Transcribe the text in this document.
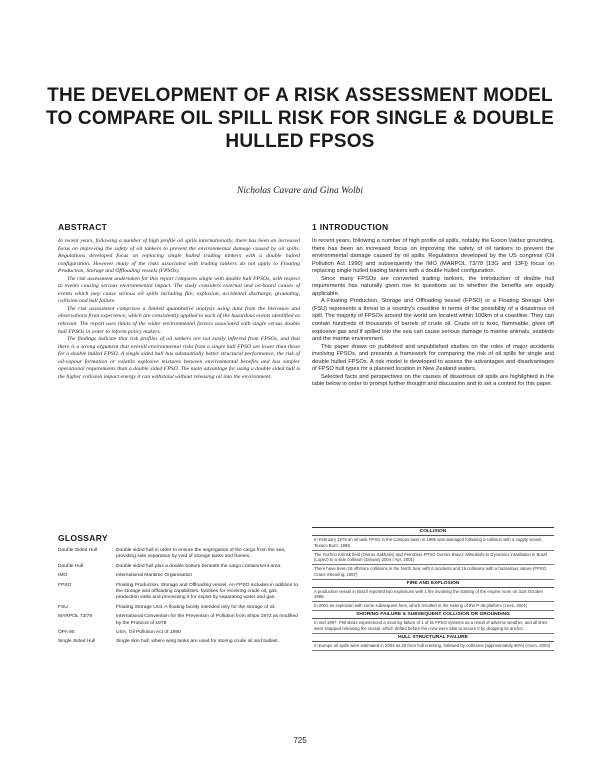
THE DEVELOPMENT OF A RISK ASSESSMENT MODEL
TO COMPARE OIL SPILL RISK FOR SINGLE & DOUBLE
HULLED FPSOS
Nicholas Cavare and Gina Wolbi
ABSTRACT

In recent years, following a number of high profile oil spills internationally, there has been an increased focus on improving the safety of oil tankers to prevent the environmental damage caused by oil spills. Regulations developed focus on replacing single hulled trading tankers with a double hulled configuration. However many of the risks associated with trading tankers do not apply to Floating Production, Storage and Offloading vessels (FPSOs).

The risk assessment undertaken for this report compares single with double hull FPSOs, with respect to events causing serious environmental impact. The study considers external and on-board causes of events which may cause serious oil spills including fire, explosion, accidental discharge, grounding, collision and hull failure.

The risk assessment comprises a limited quantitative analysis using data from the literature and observations from experience, which are consistently applied to each of the hazardous events identified as relevant. The report uses limits of the wider environmental factors associated with single versus double hull FPSOs in order to inform policy makers.

The findings indicate that risk profiles of oil tankers are not easily inferred from FPSOs, and that there is a strong argument that overall environmental risks from a single hull FPSO are lower than those for a double hulled FPSO. A single sided hull has substantially better structural performance, the risk of oil-vapour formation or volatile explosive mixtures between environmental benefits and has simpler operational requirements than a double sided FPSO. The main advantage for using a double sided hull is the higher collision impact energy it can withstand without releasing oil into the environment.

GLOSSARY
Double Sided Hull	Double sided hull in order to ensure the segregation of the cargo from the sea, providing side separation by void of storage tanks and frames.
Double Hull	Double sided hull plus a double bottom beneath the cargo containment area.
IMO	International Maritime Organisation
FPSO	Floating Production, Storage and Offloading vessel. An FPSO includes in addition to the storage and offloading capabilities, facilities for receiving crude oil, gas, production wells and processing it for export by separating water and gas.
FSU	Floating Storage Unit. A floating facility intended only for the storage of oil.
MARPOL 73/78	International Convention for the Prevention of Pollution from Ships 1973 as modified by the Protocol of 1978
OPA 90	USA, Oil Pollution Act of 1990
Single Sided Hull	Single skin hull, where wing tanks are used for storing crude oil and ballast.
1 INTRODUCTION

In recent years, following a number of high profile oil spills, notably the Exxon Valdez grounding, there has been an increased focus on improving the safety of oil tankers to prevent the environmental damage caused by oil spills. Regulations developed by the US congress (Oil Pollution Act 1990) and subsequently the IMO (MARPOL 73/78 [13G and 13F]) focus on replacing single hulled trading tankers with a double hulled configuration.

Since many FPSOs are converted trading tankers, the introduction of double hull requirements has naturally given rise to questions as to whether the benefits are equally applicable.

A Floating Production, Storage and Offloading vessel (FPSO) or a Floating Storage Unit (FSU) represents a threat to a country's coastline in terms of the possibility of a disastrous oil spill. The majority of FPSOs around the world are located within 100km of a coastline. They can contain hundreds of thousands of barrels of crude oil. Crude oil is toxic, flammable, gives off explosive gas and if spilled into the sea can cause serious damage to marine animals, seabirds and the marine environment.

This paper draws on published and unpublished studies on the roles of major accidents involving FPSOs, and presents a framework for comparing the risk of oil spills for single and double hulled FPSOs. A risk model is developed to assess the advantages and disadvantages of FPSO hull types for a planned location in New Zealand waters.

Selected facts and perspectives on the causes of disastrous oil spills are highlighted in the table below in order to prompt further thought and discussion and to set a context for this paper.

COLLISION
In February 1979 an oil tank FPSO in the Campos basin in 1985 was damaged following a collision with a supply vessel, Texaco Burn, 1996.
The Yuzhno Kirinsk field (Ostrov Sakhalin) and Petrobras FPSO Gomes Bravo: Mitsubishi to Dynamics installation in Brazil (Lopez) to a side collision (January 2004 / Apr. 2001)
There have been 18 offshore collisions in the North Sea, with 6 incidents and 15 collisions with a hazardous nature (FPSO, Crane Shearing, 1987)
FIRE AND EXPLOSION
A production vessel in Brazil reported two explosions with 1 fire involving the starting of the engine room on 31st October 1998.
In 2001 an explosion with some subsequent fires, which resulted in the sinking of the P-36 platform (Lees, 2001)
SHORING FAILURE & SUBSEQUENT COLLISION OR GROUNDING
In mid 1997, Petrobras experienced a mooring failure of 1 of its FPSO systems as a result of adverse weather, and all lines were snapped releasing the vessel, which drifted before the crew were able to secure it by dropping its anchor.
HULL STRUCTURAL FAILURE
In Europe oil spills were estimated in 2003 as 20 from hull cracking, followed by collisions (approximately 80%) (Anon, 2004)
725
